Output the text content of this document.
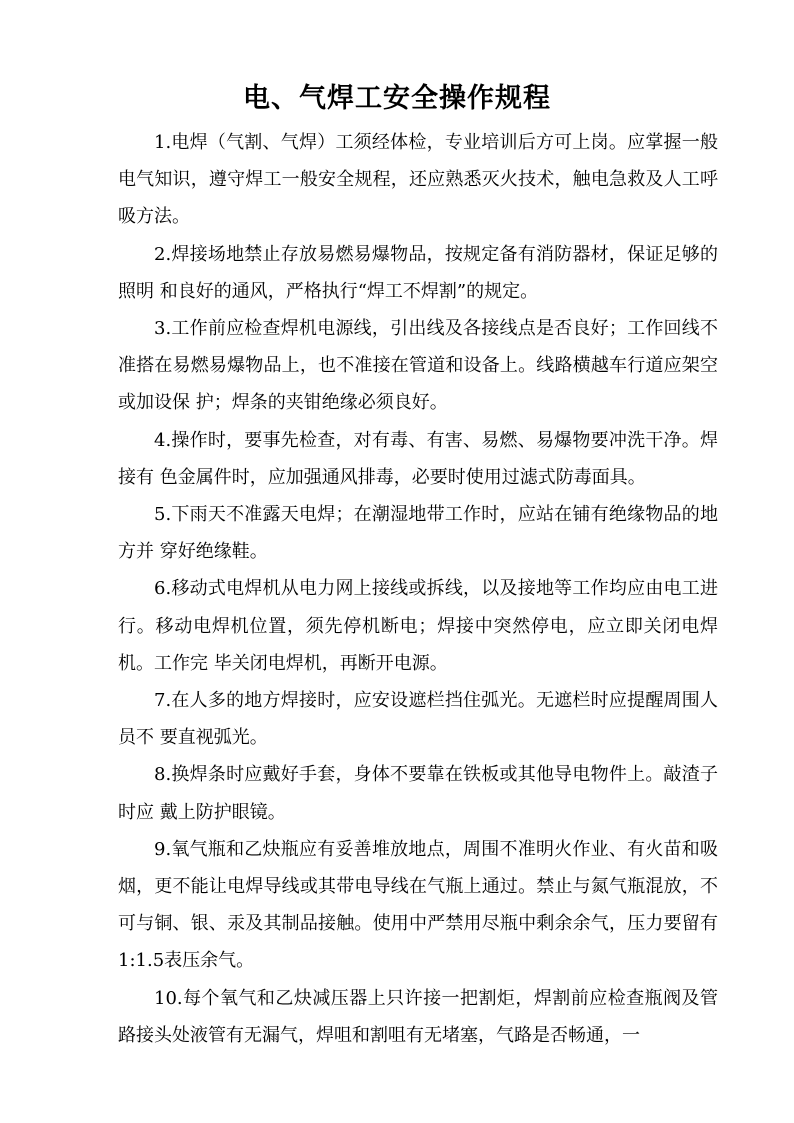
电、气焊工安全操作规程

1.电焊（气割、气焊）工须经体检，专业培训后方可上岗。应掌握一般电气知识，遵守焊工一般安全规程，还应熟悉灭火技术，触电急救及人工呼吸方法。

2.焊接场地禁止存放易燃易爆物品，按规定备有消防器材，保证足够的照明 和良好的通风，严格执行“焊工不焊割”的规定。

3.工作前应检查焊机电源线，引出线及各接线点是否良好；工作回线不准搭在易燃易爆物品上，也不准接在管道和设备上。线路横越车行道应架空或加设保 护；焊条的夹钳绝缘必须良好。

4.操作时，要事先检查，对有毒、有害、易燃、易爆物要冲洗干净。焊接有 色金属件时，应加强通风排毒，必要时使用过滤式防毒面具。

5.下雨天不准露天电焊；在潮湿地带工作时，应站在铺有绝缘物品的地方并 穿好绝缘鞋。

6.移动式电焊机从电力网上接线或拆线，以及接地等工作均应由电工进行。移动电焊机位置，须先停机断电；焊接中突然停电，应立即关闭电焊机。工作完 毕关闭电焊机，再断开电源。

7.在人多的地方焊接时，应安设遮栏挡住弧光。无遮栏时应提醒周围人员不 要直视弧光。

8.换焊条时应戴好手套，身体不要靠在铁板或其他导电物件上。敲渣子时应 戴上防护眼镜。

9.氧气瓶和乙炔瓶应有妥善堆放地点，周围不准明火作业、有火苗和吸烟，更不能让电焊导线或其带电导线在气瓶上通过。禁止与氮气瓶混放，不可与铜、银、汞及其制品接触。使用中严禁用尽瓶中剩余余气，压力要留有1:1.5表压余气。

10.每个氧气和乙炔减压器上只许接一把割炬，焊割前应检查瓶阀及管路接头处液管有无漏气，焊咀和割咀有无堵塞，气路是否畅通，一
